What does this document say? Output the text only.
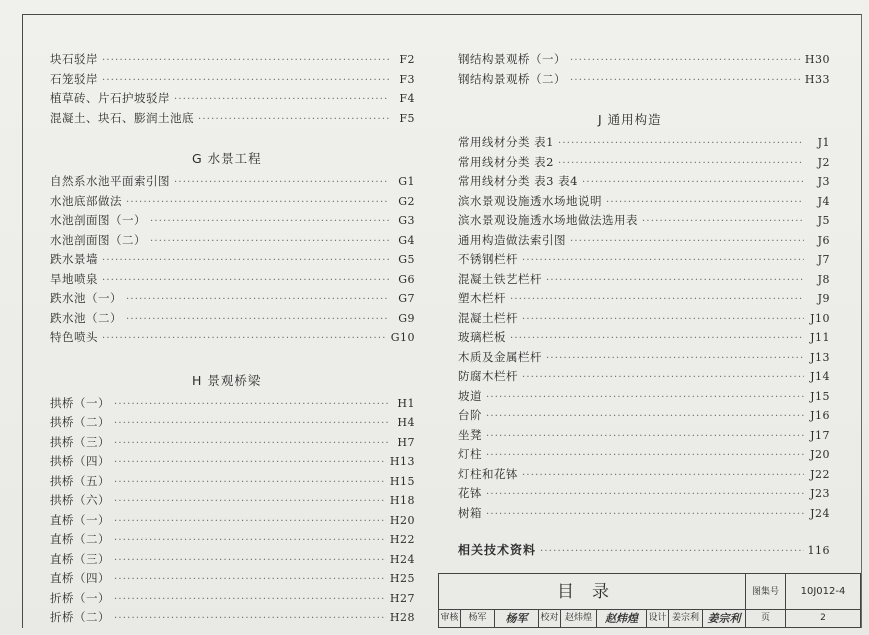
块石驳岸 ·····	F2
石笼驳岸 ·····	F3
植草砖、片石护坡驳岸 ·····	F4
混凝土、块石、膨润土池底 ·····	F5
G 水景工程
自然系水池平面索引图 ·····	G1
水池底部做法 ·····	G2
水池剖面图（一） ·····	G3
水池剖面图（二） ·····	G4
跌水景墙 ·····	G5
旱地喷泉 ·····	G6
跌水池（一） ·····	G7
跌水池（二） ·····	G9
特色喷头 ·····	G10
H 景观桥梁
拱桥（一） ·····	H1
拱桥（二） ·····	H4
拱桥（三） ·····	H7
拱桥（四） ·····	H13
拱桥（五） ·····	H15
拱桥（六） ·····	H18
直桥（一） ·····	H20
直桥（二） ·····	H22
直桥（三） ·····	H24
直桥（四） ·····	H25
折桥（一） ·····	H27
折桥（二） ·····	H28
钢结构景观桥（一） ·····	H30
钢结构景观桥（二） ·····	H33
J 通用构造
常用线材分类 表1 ·····	J1
常用线材分类 表2 ·····	J2
常用线材分类 表3 表4 ·····	J3
滨水景观设施透水场地说明 ·····	J4
滨水景观设施透水场地做法选用表 ·····	J5
通用构造做法索引图 ·····	J6
不锈钢栏杆 ·····	J7
混凝土铁艺栏杆 ·····	J8
塑木栏杆 ·····	J9
混凝土栏杆 ·····	J10
玻璃栏板 ·····	J11
木质及金属栏杆 ·····	J13
防腐木栏杆 ·····	J14
坡道 ·····	J15
台阶 ·····	J16
坐凳 ·····	J17
灯柱 ·····	J20
灯柱和花钵 ·····	J22
花钵 ·····	J23
树箱 ·····	J24
相关技术资料 ·····	116
目录	图集号	10J012-4
审核	杨军	杨军	校对 赵炜煌	赵炜煌	设计 姜宗利 姜宗利	页	2
